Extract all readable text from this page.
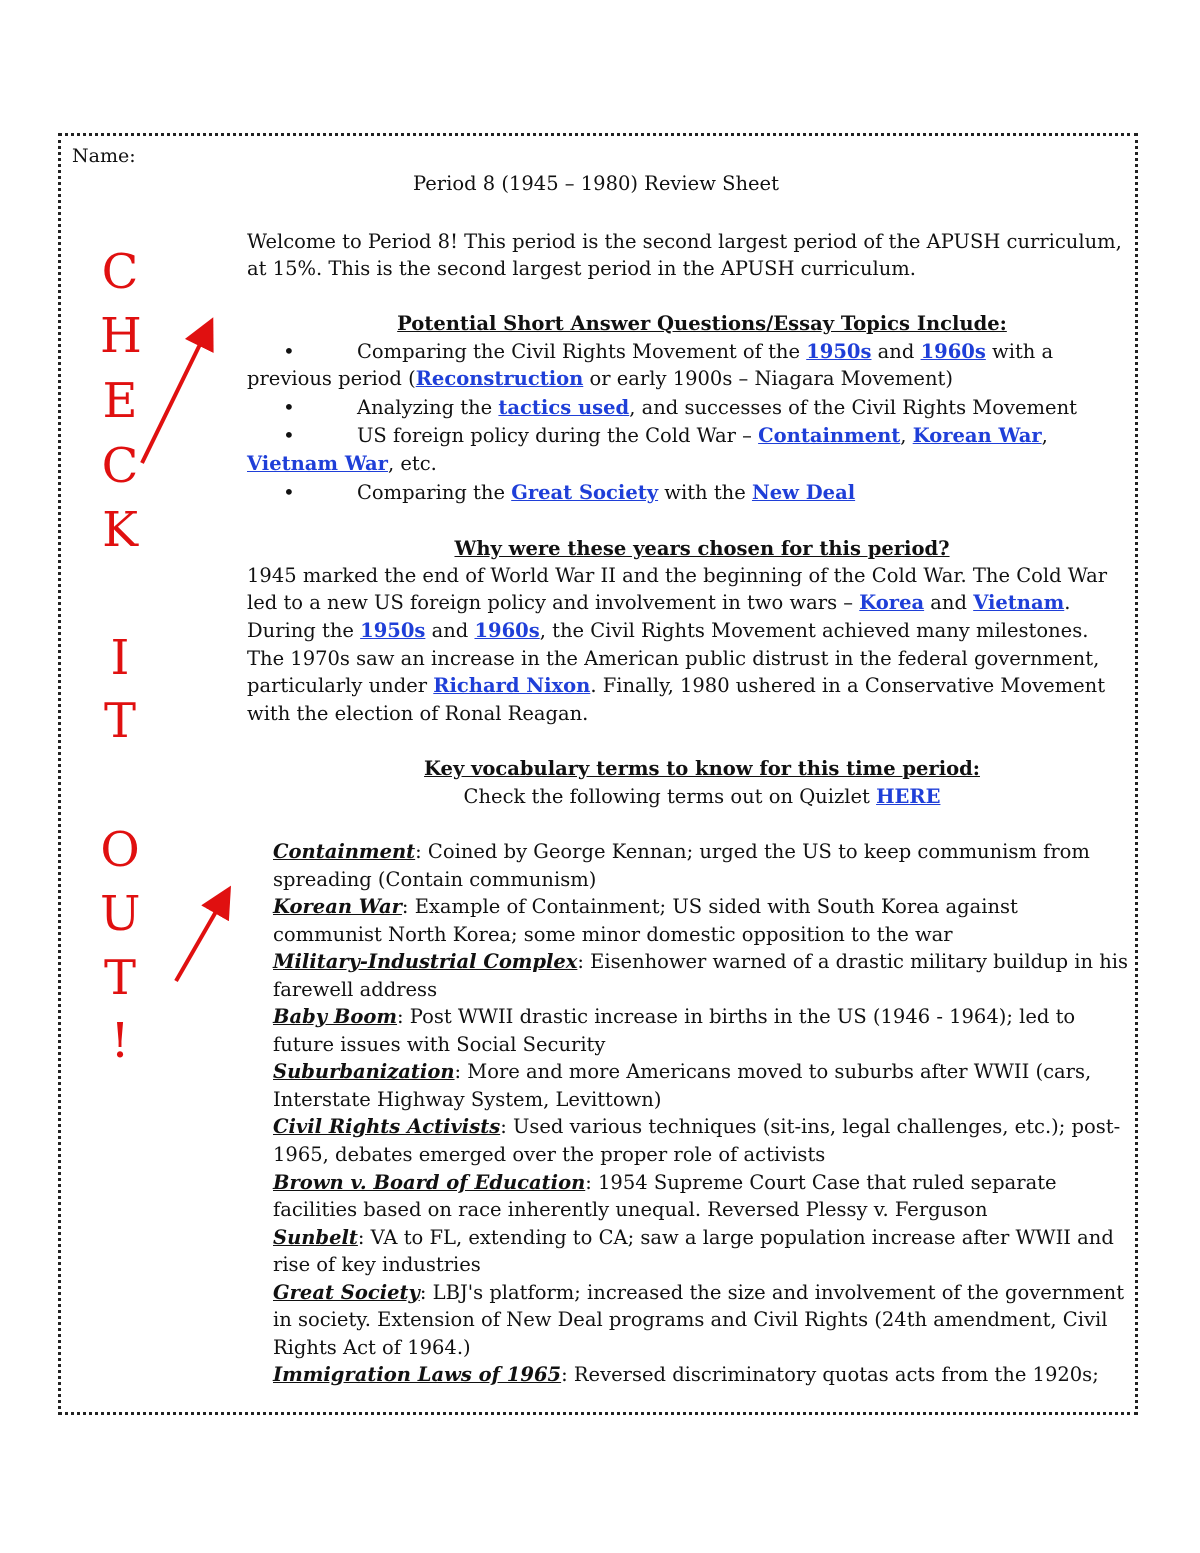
Name:
Period 8 (1945 – 1980) Review Sheet
C
H
E
C
K
I
T
O
U
T
!
Welcome to Period 8! This period is the second largest period of the APUSH curriculum,
at 15%. This is the second largest period in the APUSH curriculum.
Potential Short Answer Questions/Essay Topics Include:
•	Comparing the Civil Rights Movement of the 1950s and 1960s with a
previous period (Reconstruction or early 1900s – Niagara Movement)
•	Analyzing the tactics used, and successes of the Civil Rights Movement
•	US foreign policy during the Cold War – Containment, Korean War,
Vietnam War, etc.
•	Comparing the Great Society with the New Deal
Why were these years chosen for this period?
1945 marked the end of World War II and the beginning of the Cold War. The Cold War
led to a new US foreign policy and involvement in two wars – Korea and Vietnam.
During the 1950s and 1960s, the Civil Rights Movement achieved many milestones.
The 1970s saw an increase in the American public distrust in the federal government,
particularly under Richard Nixon. Finally, 1980 ushered in a Conservative Movement
with the election of Ronal Reagan.
Key vocabulary terms to know for this time period:
Check the following terms out on Quizlet HERE
Containment: Coined by George Kennan; urged the US to keep communism from
spreading (Contain communism)
Korean War: Example of Containment; US sided with South Korea against
communist North Korea; some minor domestic opposition to the war
Military-Industrial Complex: Eisenhower warned of a drastic military buildup in his
farewell address
Baby Boom: Post WWII drastic increase in births in the US (1946 - 1964); led to
future issues with Social Security
Suburbanization: More and more Americans moved to suburbs after WWII (cars,
Interstate Highway System, Levittown)
Civil Rights Activists: Used various techniques (sit-ins, legal challenges, etc.); post-
1965, debates emerged over the proper role of activists
Brown v. Board of Education: 1954 Supreme Court Case that ruled separate
facilities based on race inherently unequal. Reversed Plessy v. Ferguson
Sunbelt: VA to FL, extending to CA; saw a large population increase after WWII and
rise of key industries
Great Society: LBJ's platform; increased the size and involvement of the government
in society. Extension of New Deal programs and Civil Rights (24th amendment, Civil
Rights Act of 1964.)
Immigration Laws of 1965: Reversed discriminatory quotas acts from the 1920s;
